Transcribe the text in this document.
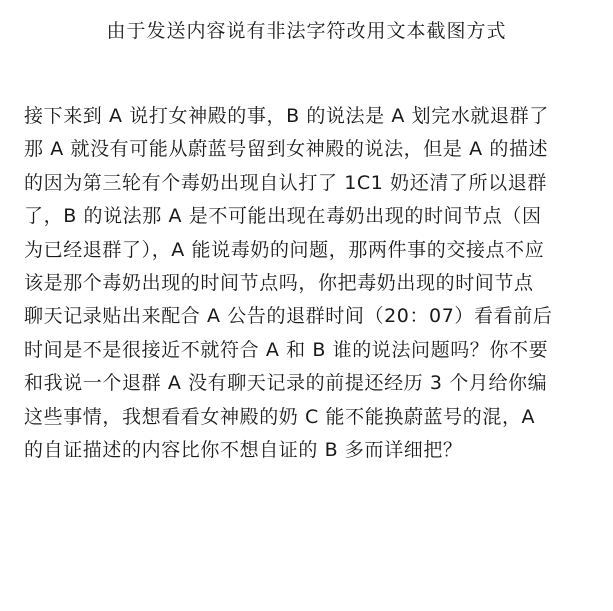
由于发送内容说有非法字符改用文本截图方式
接下来到 A 说打女神殿的事，B 的说法是 A 划完水就退群了
那 A 就没有可能从蔚蓝号留到女神殿的说法，但是 A 的描述
的因为第三轮有个毒奶出现自认打了 1C1 奶还清了所以退群
了，B 的说法那 A 是不可能出现在毒奶出现的时间节点（因
为已经退群了），A 能说毒奶的问题，那两件事的交接点不应
该是那个毒奶出现的时间节点吗，你把毒奶出现的时间节点
聊天记录贴出来配合 A 公告的退群时间（20：07）看看前后
时间是不是很接近不就符合 A 和 B 谁的说法问题吗？你不要
和我说一个退群 A 没有聊天记录的前提还经历 3 个月给你编
这些事情，我想看看女神殿的奶 C 能不能换蔚蓝号的混，A
的自证描述的内容比你不想自证的 B 多而详细把？
